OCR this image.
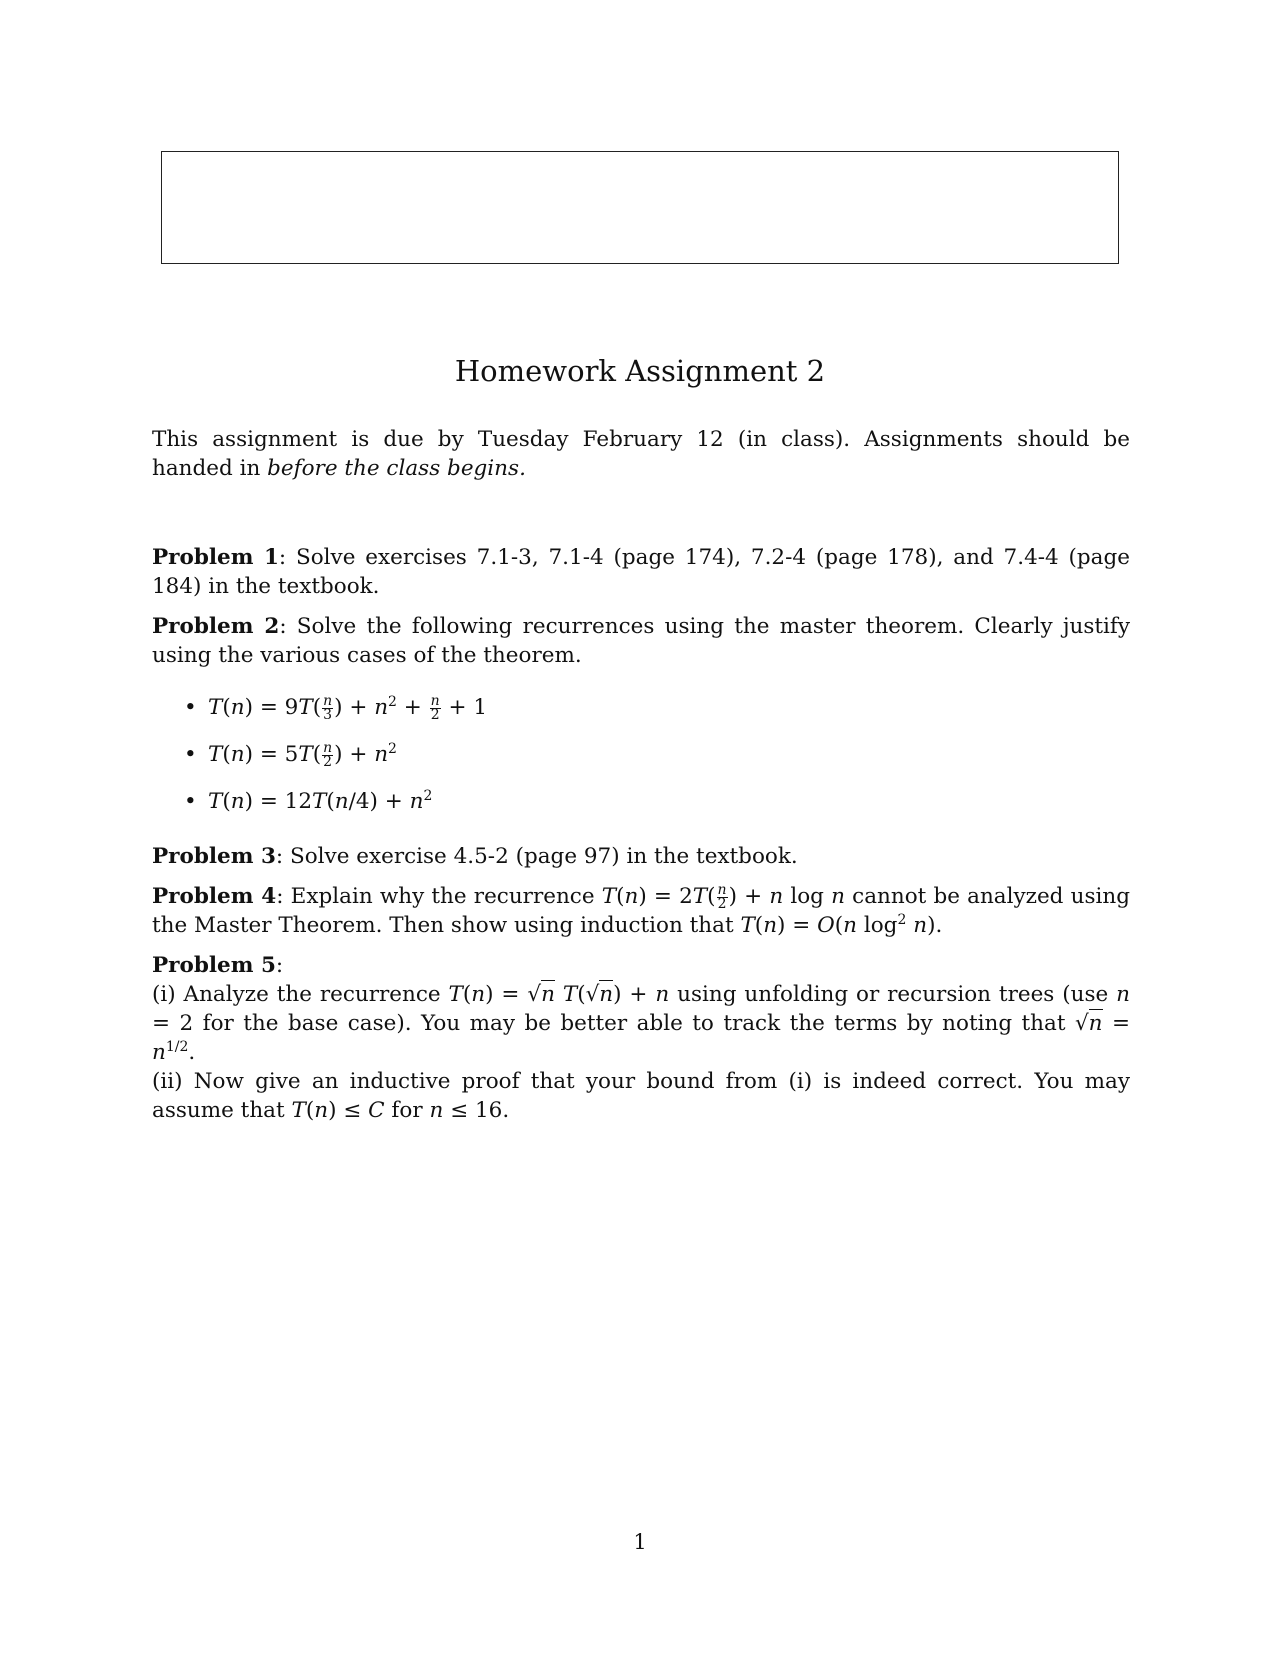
Homework Assignment 2

This assignment is due by Tuesday February 12 (in class). Assignments should be handed in before the class begins.

Problem 1: Solve exercises 7.1-3, 7.1-4 (page 174), 7.2-4 (page 178), and 7.4-4 (page 184) in the textbook.

Problem 2: Solve the following recurrences using the master theorem. Clearly justify using the various cases of the theorem.

• $T(n) = 9T( \frac{n}{3}$ ) + $n^2 + \frac{n}{2} + 1$
• $T(n) = 5T( \frac{n}{2}$ ) + $n^2$
• $T(n) = 12T(n/4) + n^2$

Problem 3: Solve exercise 4.5-2 (page 97) in the textbook.

Problem 4: Explain why the recurrence $T(n) = 2T( \frac{n}{2}$ ) + n log n cannot be analyzed using the Master Theorem. Then show using induction that T(n) = O(n $\log^2 n$).

Problem 5:
(i) Analyze the recurrence T(n) = √n T(√n) + n using unfolding or recursion trees (use n = 2 for the base case). You may be better able to track the terms by noting that $√n = n^{1/2}$.
(ii) Now give an inductive proof that your bound from (i) is indeed correct. You may assume that T(n) ≤ C for n ≤ 16.

1
